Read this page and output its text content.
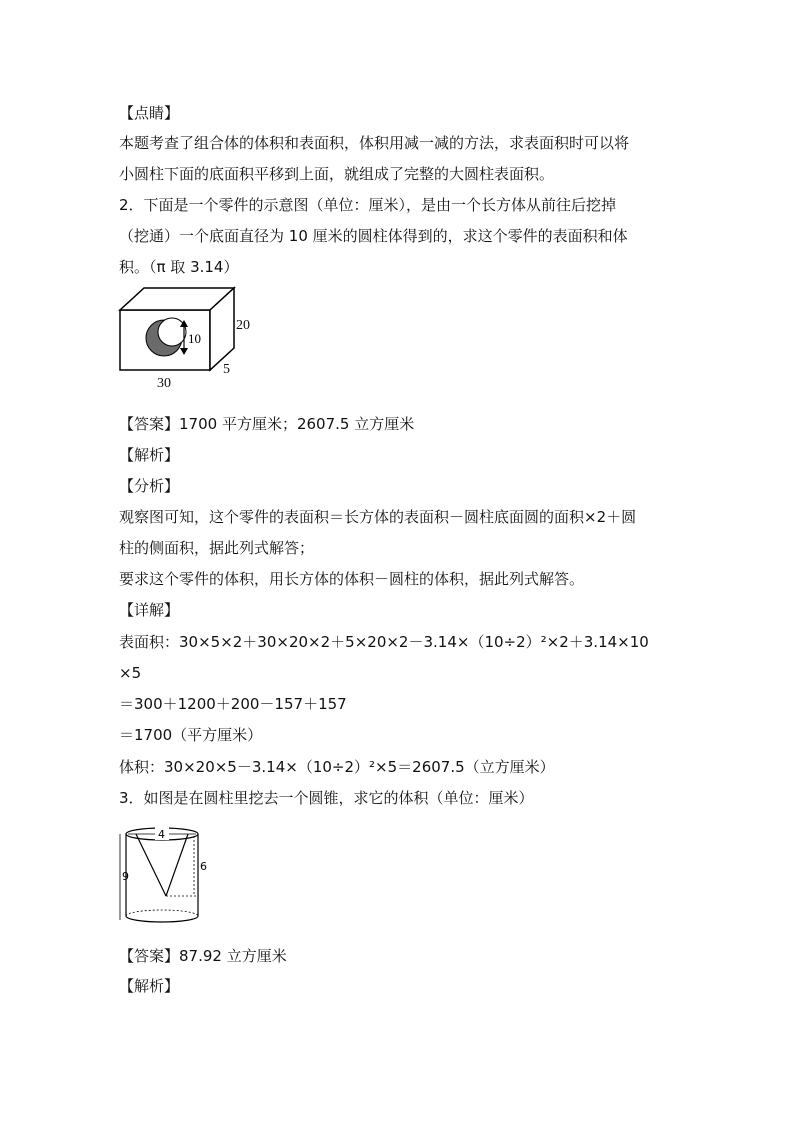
【点睛】
本题考查了组合体的体积和表面积，体积用减一减的方法，求表面积时可以将
小圆柱下面的底面积平移到上面，就组成了完整的大圆柱表面积。
2．下面是一个零件的示意图（单位：厘米），是由一个长方体从前往后挖掉
（挖通）一个底面直径为 10 厘米的圆柱体得到的，求这个零件的表面积和体
积。（π 取 3.14）
10
20
5
30
【答案】1700 平方厘米；2607.5 立方厘米
【解析】
【分析】
观察图可知，这个零件的表面积＝长方体的表面积－圆柱底面圆的面积×2＋圆
柱的侧面积，据此列式解答；
要求这个零件的体积，用长方体的体积－圆柱的体积，据此列式解答。
【详解】
表面积：30×5×2＋30×20×2＋5×20×2－3.14×（10÷2）²×2＋3.14×10
×5
＝300＋1200＋200－157＋157
＝1700（平方厘米）
体积：30×20×5－3.14×（10÷2）²×5＝2607.5（立方厘米）
3．如图是在圆柱里挖去一个圆锥，求它的体积（单位：厘米）
4
9
6
【答案】87.92 立方厘米
【解析】
